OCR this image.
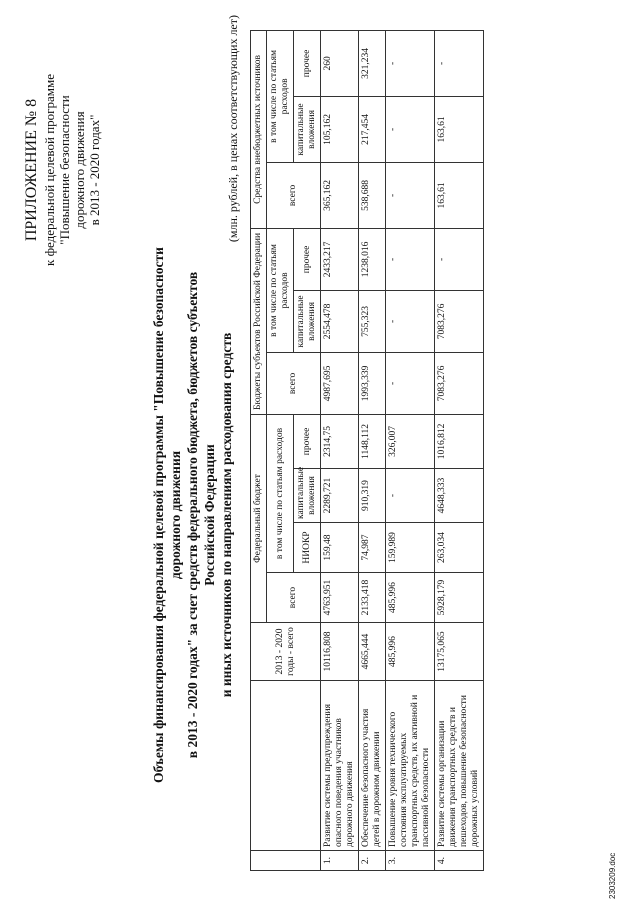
ПРИЛОЖЕНИЕ № 8 к федеральной целевой программе "Повышение безопасности дорожного движения в 2013 - 2020 годах"
Объемы финансирования федеральной целевой программы "Повышение безопасности дорожного движения в 2013 - 2020 годах" за счет средств федерального бюджета, бюджетов субъектов Российской Федерации и иных источников по направлениям расходования средств
(млн. рублей, в ценах соответствующих лет)
		2013 - 2020 годы - всего	Федеральный бюджет				Бюджеты субъектов Российской Федерации			Средства внебюджетных источников		
			всего	в том числе по статьям расходов			всего	в том числе по статьям расходов		всего	в том числе по статьям расходов	
				НИОКР	капитальные вложения	прочее		капитальные вложения	прочее		капитальные вложения	прочее
1.	Развитие системы предупреждения опасного поведения участников дорожного движения	10116,808	4763,951	159,48	2289,721	2314,75	4987,695	2554,478	2433,217	365,162	105,162	260
2.	Обеспечение безопасного участия детей в дорожном движении	4665,444	2133,418	74,987	910,319	1148,112	1993,339	755,323	1238,016	538,688	217,454	321,234
3.	Повышение уровня технического состояния эксплуатируемых транспортных средств, их активной и пассивной безопасности	485,996	485,996	159,989	-	326,007	-	-	-	-	-	-
4.	Развитие системы организации движения транспортных средств и пешеходов, повышение безопасности дорожных условий	13175,065	5928,179	263,034	4648,333	1016,812	7083,276	7083,276	-	163,61	163,61	-
2303209.doc
